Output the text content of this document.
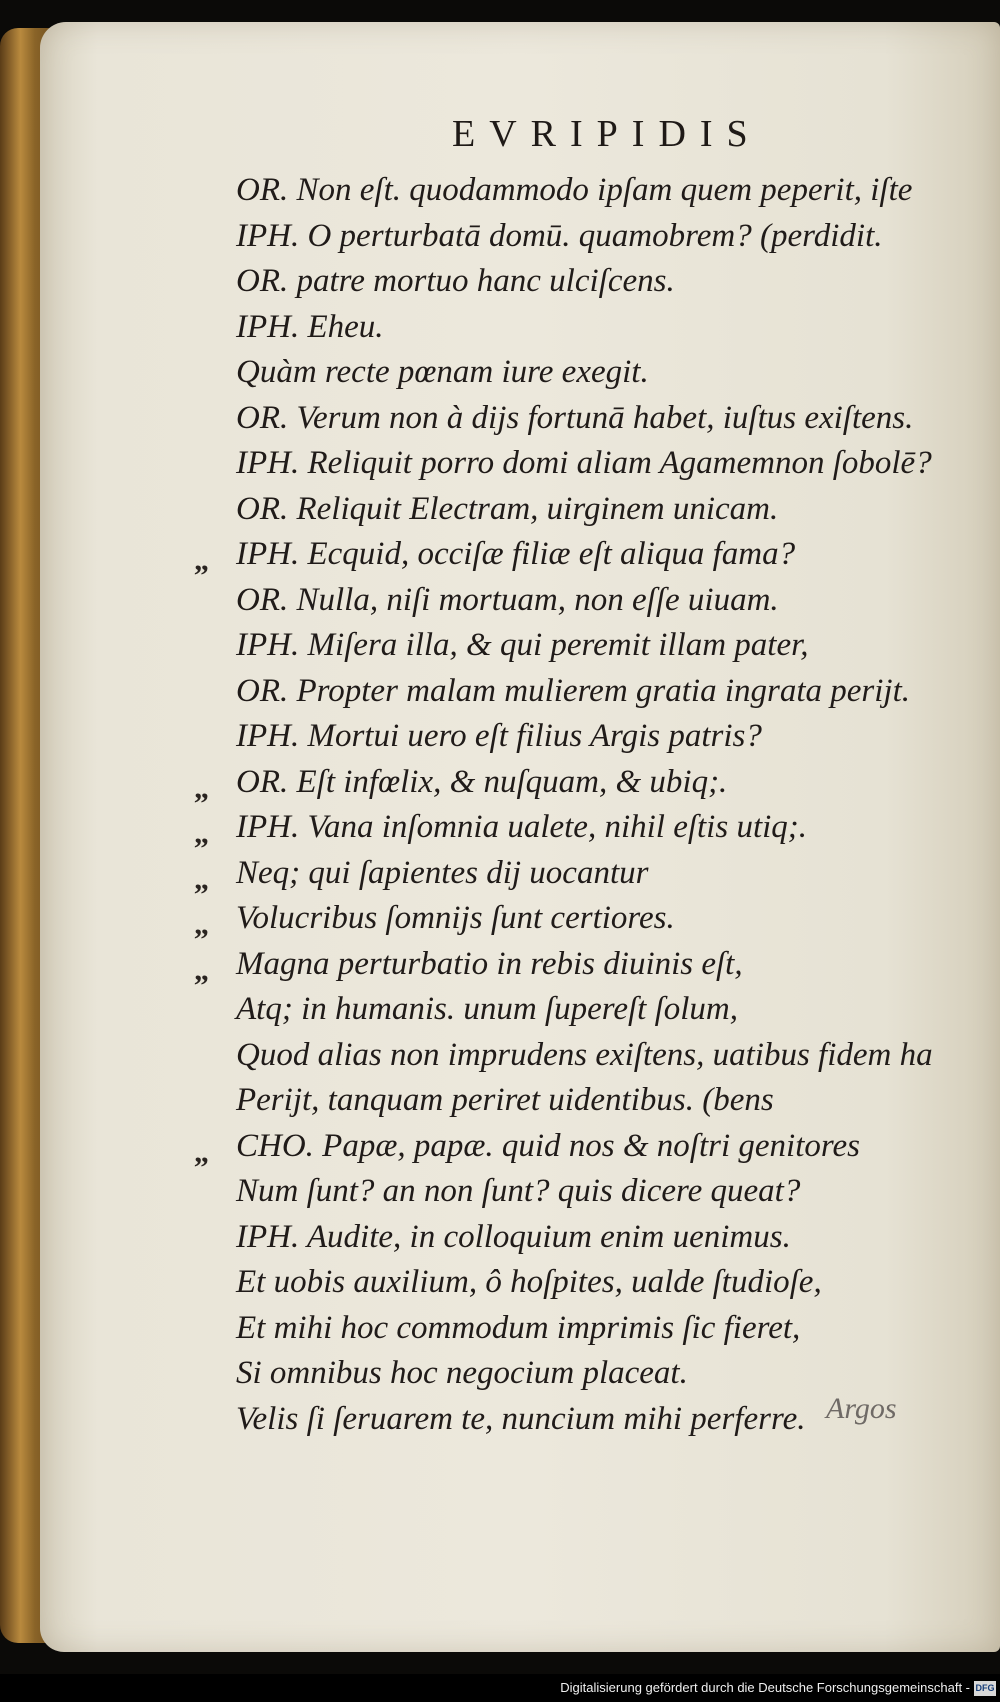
EVRIPIDIS
OR. Non eſt. quodammodo ipſam quem peperit, iſte
IPH. O perturbatā domū. quamobrem? (perdidit.
OR. patre mortuo hanc ulciſcens.
IPH. Eheu.
Quàm recte pœnam iure exegit.
OR. Verum non à dijs fortunā habet, iuſtus exiſtens.
IPH. Reliquit porro domi aliam Agamemnon ſobolē?
OR. Reliquit Electram, uirginem unicam.
„ IPH. Ecquid, occiſæ filiæ eſt aliqua fama?
OR. Nulla, niſi mortuam, non eſſe uiuam.
IPH. Miſera illa, & qui peremit illam pater,
OR. Propter malam mulierem gratia ingrata periјt.
IPH. Mortui uero eſt filius Argis patris?
„ OR. Eſt infœlix, & nuſquam, & ubiq;.
„ IPH. Vana inſomnia ualete, nihil eſtis utiq;.
„ Neq; qui ſapientes dij uocantur
„ Volucribus ſomnijs ſunt certiores.
„ Magna perturbatio in rebis diuinis eſt,
Atq; in humanis. unum ſupereſt ſolum,
Quod alias non imprudens exiſtens, uatibus fidem ha
Perijt, tanquam periret uidentibus. (bens
„ CHO. Papæ, papæ. quid nos & noſtri genitores
Num ſunt? an non ſunt? quis dicere queat?
IPH. Audite, in colloquium enim uenimus.
Et uobis auxilium, ô hoſpites, ualde ſtudioſe,
Et mihi hoc commodum imprimis ſic fieret,
Si omnibus hoc negocium placeat.
Velis ſi ſeruarem te, nuncium mihi perferre. Argos
Digitalisierung gefördert durch die Deutsche Forschungsgemeinschaft - DFG
